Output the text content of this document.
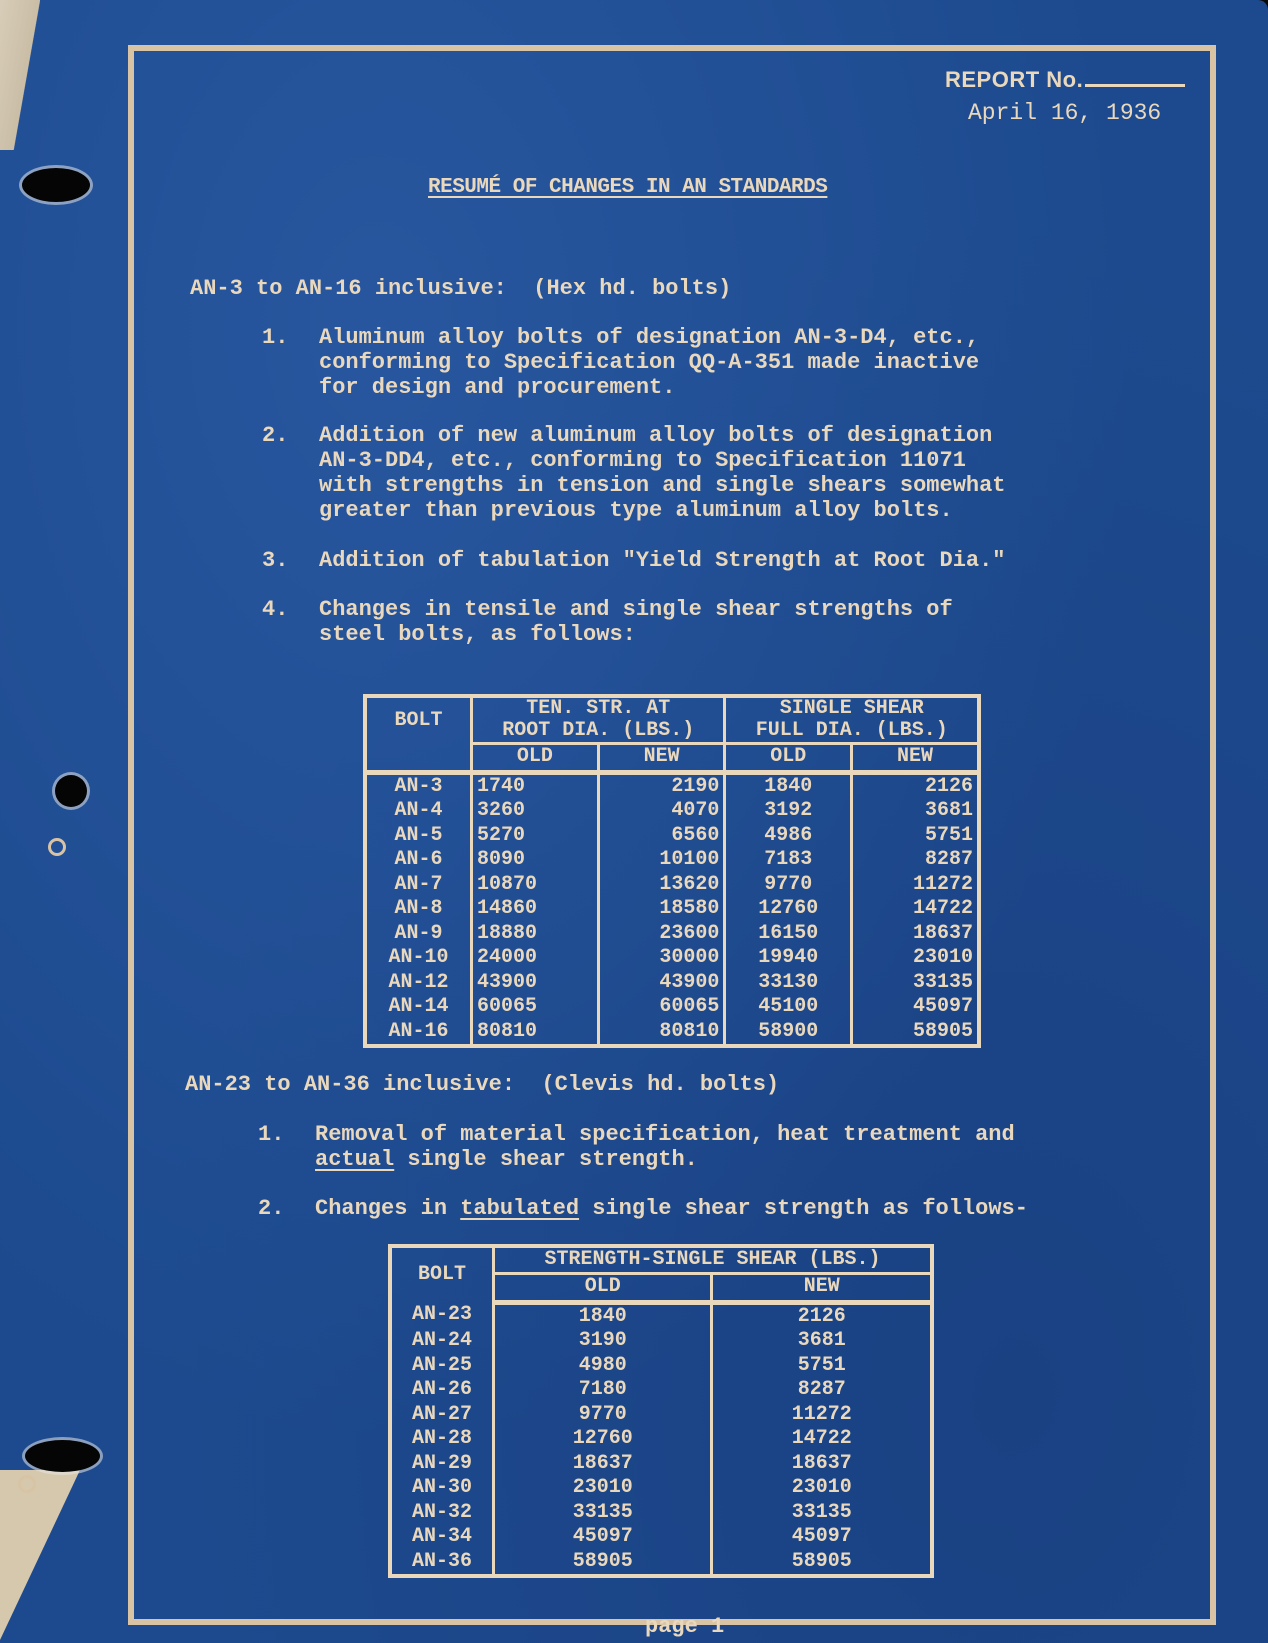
REPORT No.
April 16, 1936
RESUMÉ OF CHANGES IN AN STANDARDS
AN-3 to AN-16 inclusive:  (Hex hd. bolts)
1. Aluminum alloy bolts of designation AN-3-D4, etc.,
conforming to Specification QQ-A-351 made inactive
for design and procurement.
2. Addition of new aluminum alloy bolts of designation
AN-3-DD4, etc., conforming to Specification 11071
with strengths in tension and single shears somewhat
greater than previous type aluminum alloy bolts.
3. Addition of tabulation "Yield Strength at Root Dia."
4. Changes in tensile and single shear strengths of
steel bolts, as follows:
BOLT	TEN. STR. AT		SINGLE SHEAR	

	ROOT DIA. (LBS.)		FULL DIA. (LBS.)	
	OLD	NEW	OLD	NEW
AN-3	1740	2190	1840	2126
AN-4	3260	4070	3192	3681
AN-5	5270	6560	4986	5751
AN-6	8090	10100	7183	8287
AN-7	10870	13620	9770	11272
AN-8	14860	18580	12760	14722
AN-9	18880	23600	16150	18637
AN-10	24000	30000	19940	23010
AN-12	43900	43900	33130	33135
AN-14	60065	60065	45100	45097
AN-16	80810	80810	58900	58905
AN-23 to AN-36 inclusive:  (Clevis hd. bolts)
1. Removal of material specification, heat treatment and
actual single shear strength.
2. Changes in tabulated single shear strength as follows-
BOLT	STRENGTH-SINGLE SHEAR (LBS.)	
	OLD	NEW
AN-23	1840	2126
AN-24	3190	3681
AN-25	4980	5751
AN-26	7180	8287
AN-27	9770	11272
AN-28	12760	14722
AN-29	18637	18637
AN-30	23010	23010
AN-32	33135	33135
AN-34	45097	45097
AN-36	58905	58905
page 1
